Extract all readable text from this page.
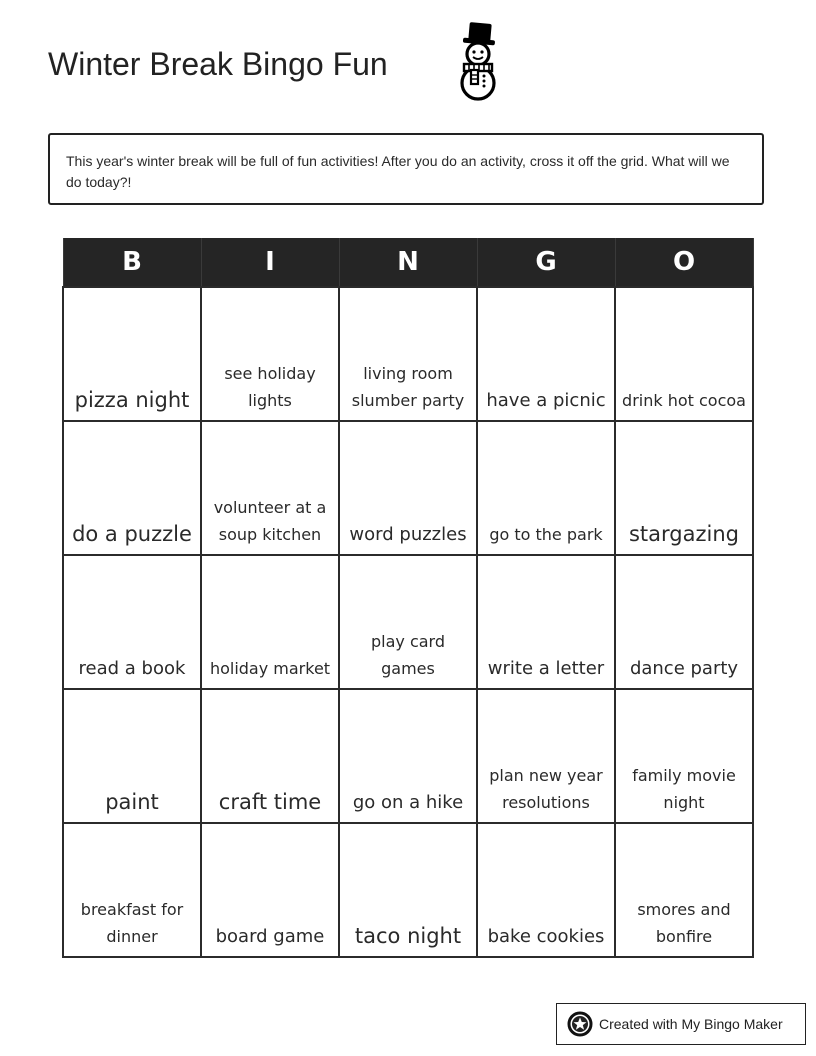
Winter Break Bingo Fun

This year's winter break will be full of fun activities! After you do an activity, cross it off the grid. What will we do today?!

B	I	N	G	O

pizza night	see holiday lights	living room slumber party	have a picnic	drink hot cocoa

do a puzzle	volunteer at a soup kitchen	word puzzles	go to the park	stargazing

read a book	holiday market	play card games	write a letter	dance party

paint	craft time	go on a hike	plan new year resolutions	family movie night

breakfast for dinner	board game	taco night	bake cookies	smores and bonfire
Created with My Bingo Maker
